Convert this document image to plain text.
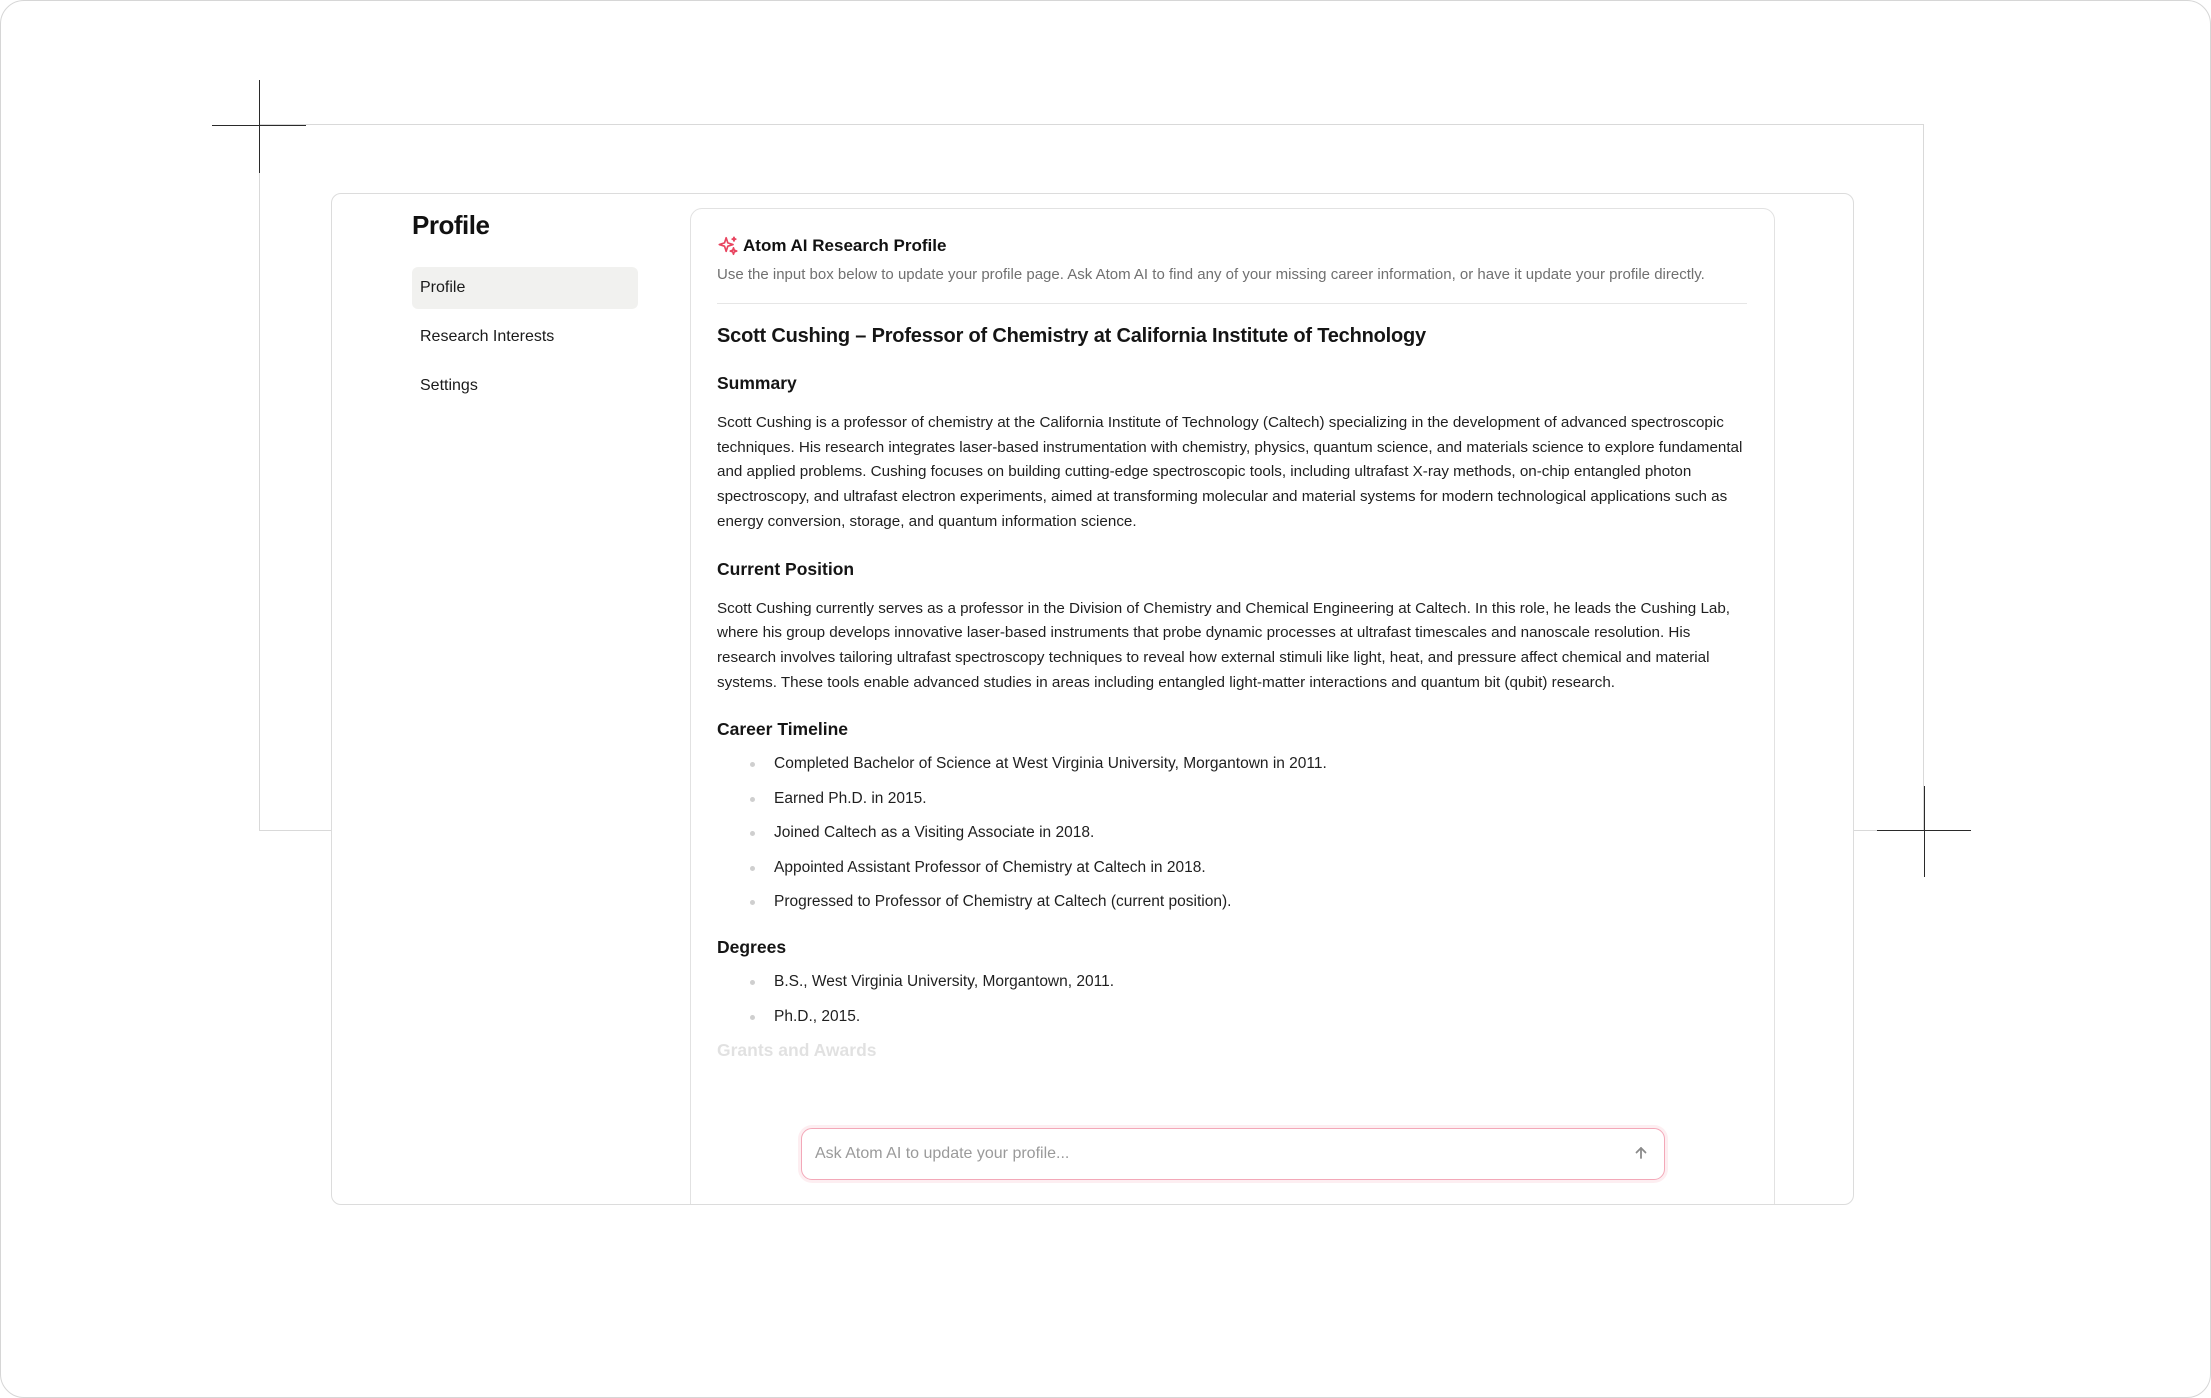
Profile
Profile
Research Interests
Settings
Atom AI Research Profile
Use the input box below to update your profile page. Ask Atom AI to find any of your missing career information, or have it update your profile directly.
Scott Cushing – Professor of Chemistry at California Institute of Technology
Summary

Scott Cushing is a professor of chemistry at the California Institute of Technology (Caltech) specializing in the development of advanced spectroscopic techniques. His research integrates laser-based instrumentation with chemistry, physics, quantum science, and materials science to explore fundamental and applied problems. Cushing focuses on building cutting-edge spectroscopic tools, including ultrafast X-ray methods, on-chip entangled photon spectroscopy, and ultrafast electron experiments, aimed at transforming molecular and material systems for modern technological applications such as energy conversion, storage, and quantum information science.

Current Position

Scott Cushing currently serves as a professor in the Division of Chemistry and Chemical Engineering at Caltech. In this role, he leads the Cushing Lab, where his group develops innovative laser-based instruments that probe dynamic processes at ultrafast timescales and nanoscale resolution. His research involves tailoring ultrafast spectroscopy techniques to reveal how external stimuli like light, heat, and pressure affect chemical and material systems. These tools enable advanced studies in areas including entangled light-matter interactions and quantum bit (qubit) research.

Career Timeline
Completed Bachelor of Science at West Virginia University, Morgantown in 2011.
Earned Ph.D. in 2015.
Joined Caltech as a Visiting Associate in 2018.
Appointed Assistant Professor of Chemistry at Caltech in 2018.
Progressed to Professor of Chemistry at Caltech (current position).
Degrees
B.S., West Virginia University, Morgantown, 2011.
Ph.D., 2015.
Grants and Awards
Ask Atom AI to update your profile...
